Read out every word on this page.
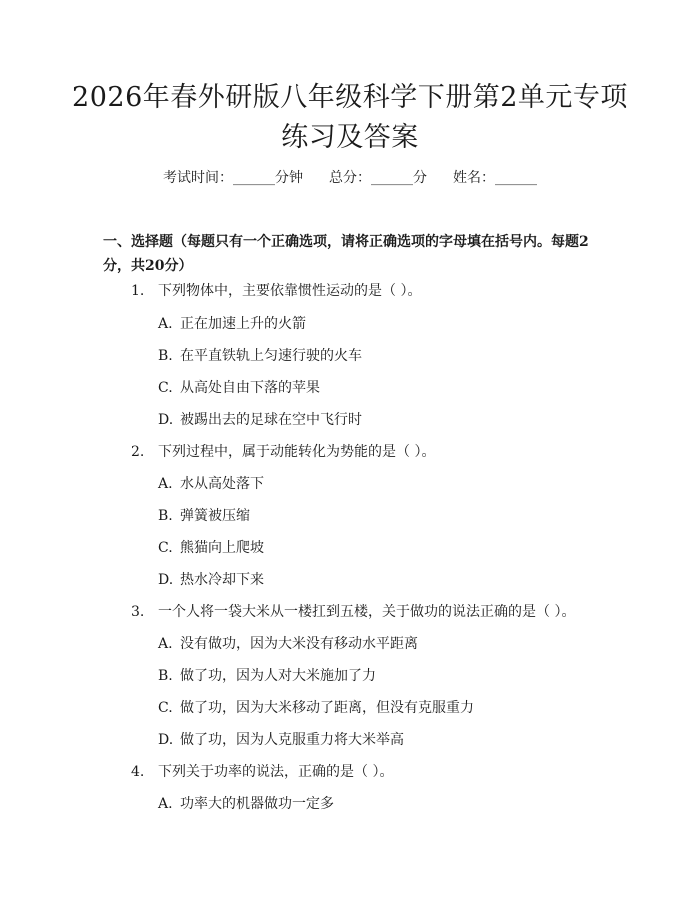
2026年春外研版八年级科学下册第2单元专项练习及答案
考试时间：______分钟 总分：______分 姓名：______
一、选择题（每题只有一个正确选项，请将正确选项的字母填在括号内。每题2分，共20分）
1. 下列物体中，主要依靠惯性运动的是（ ）。
A. 正在加速上升的火箭
B. 在平直铁轨上匀速行驶的火车
C. 从高处自由下落的苹果
D. 被踢出去的足球在空中飞行时
2. 下列过程中，属于动能转化为势能的是（ ）。
A. 水从高处落下
B. 弹簧被压缩
C. 熊猫向上爬坡
D. 热水冷却下来
3. 一个人将一袋大米从一楼扛到五楼，关于做功的说法正确的是（ ）。
A. 没有做功，因为大米没有移动水平距离
B. 做了功，因为人对大米施加了力
C. 做了功，因为大米移动了距离，但没有克服重力
D. 做了功，因为人克服重力将大米举高
4. 下列关于功率的说法，正确的是（ ）。
A. 功率大的机器做功一定多
